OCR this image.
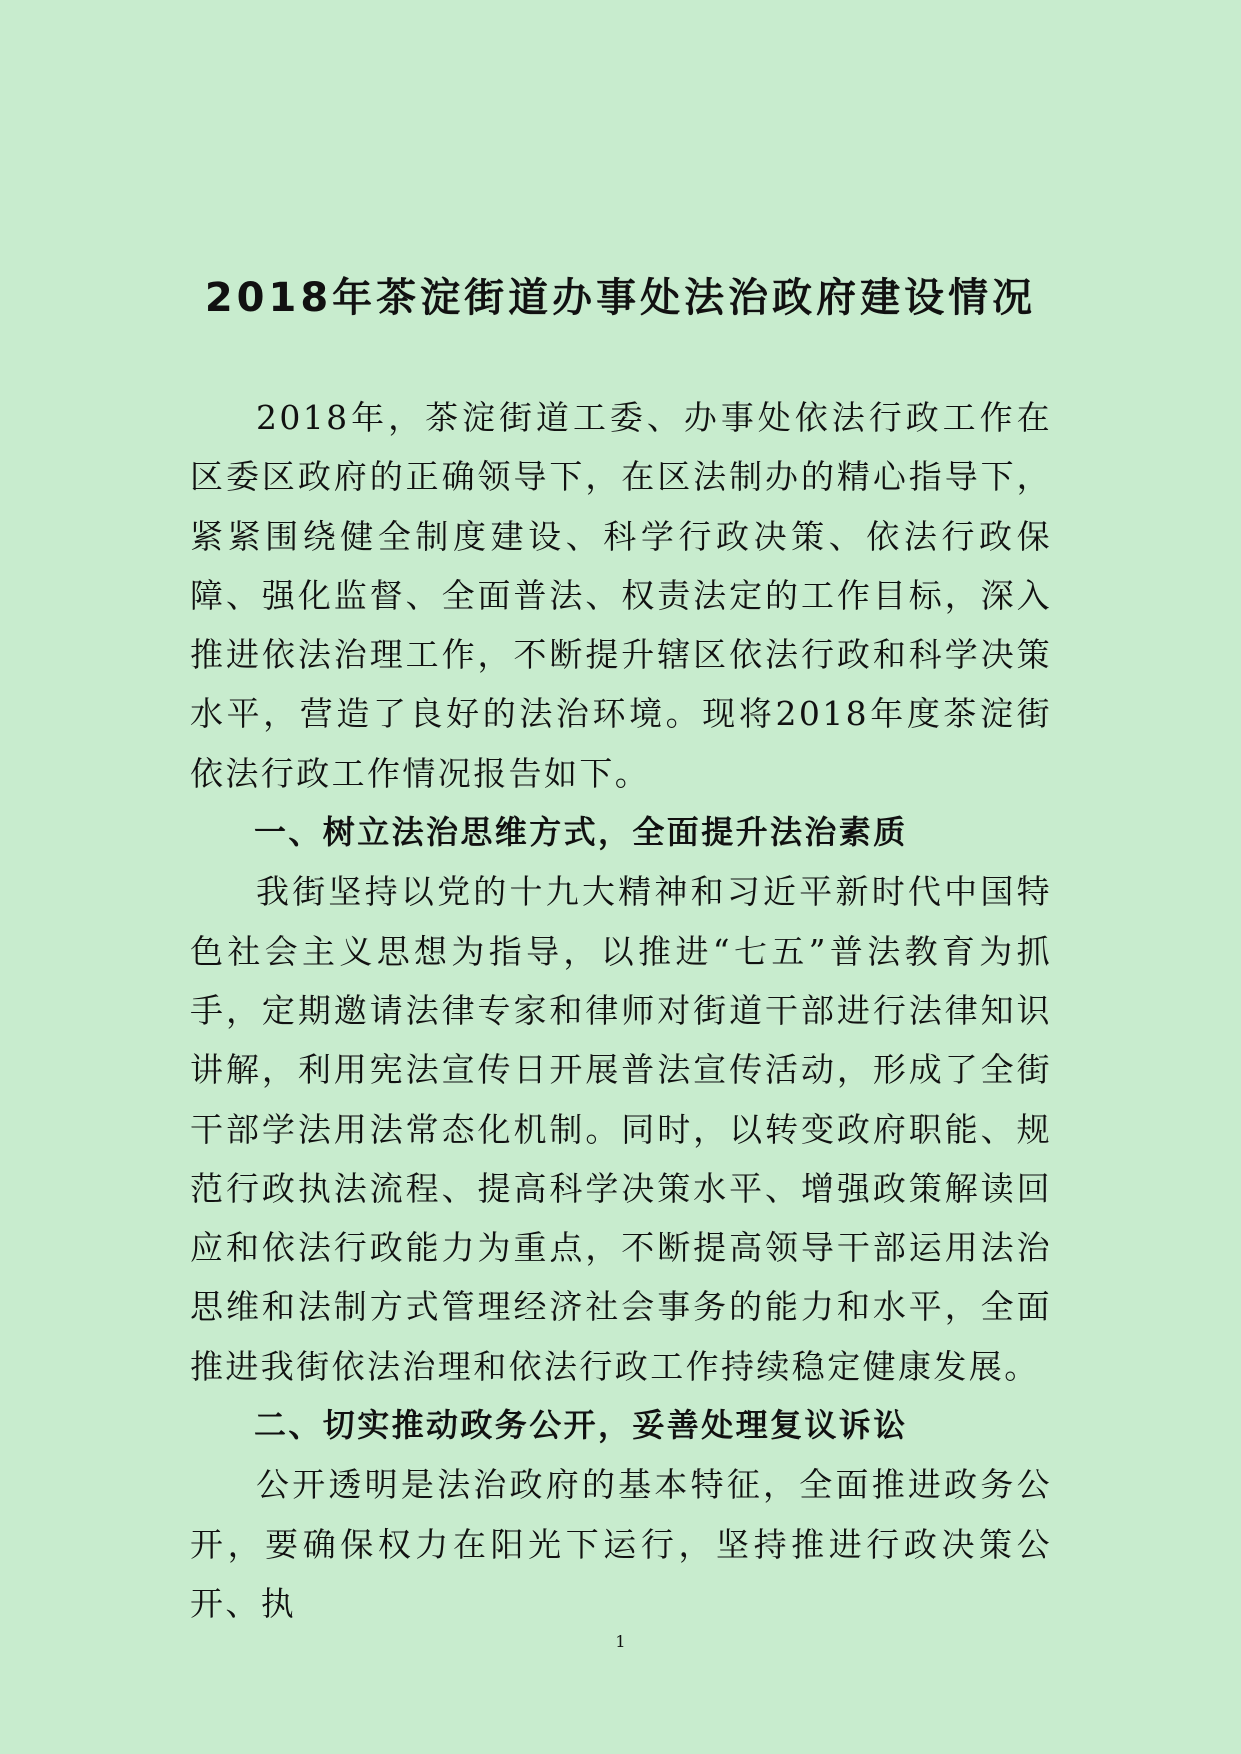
2018年茶淀街道办事处法治政府建设情况

2018年，茶淀街道工委、办事处依法行政工作在区委区政府的正确领导下，在区法制办的精心指导下，紧紧围绕健全制度建设、科学行政决策、依法行政保障、强化监督、全面普法、权责法定的工作目标，深入推进依法治理工作，不断提升辖区依法行政和科学决策水平，营造了良好的法治环境。现将2018年度茶淀街依法行政工作情况报告如下。

一、树立法治思维方式，全面提升法治素质

我街坚持以党的十九大精神和习近平新时代中国特色社会主义思想为指导，以推进“七五”普法教育为抓手，定期邀请法律专家和律师对街道干部进行法律知识讲解，利用宪法宣传日开展普法宣传活动，形成了全街干部学法用法常态化机制。同时，以转变政府职能、规范行政执法流程、提高科学决策水平、增强政策解读回应和依法行政能力为重点，不断提高领导干部运用法治思维和法制方式管理经济社会事务的能力和水平，全面推进我街依法治理和依法行政工作持续稳定健康发展。

二、切实推动政务公开，妥善处理复议诉讼

公开透明是法治政府的基本特征，全面推进政务公开，要确保权力在阳光下运行，坚持推进行政决策公开、执

1
